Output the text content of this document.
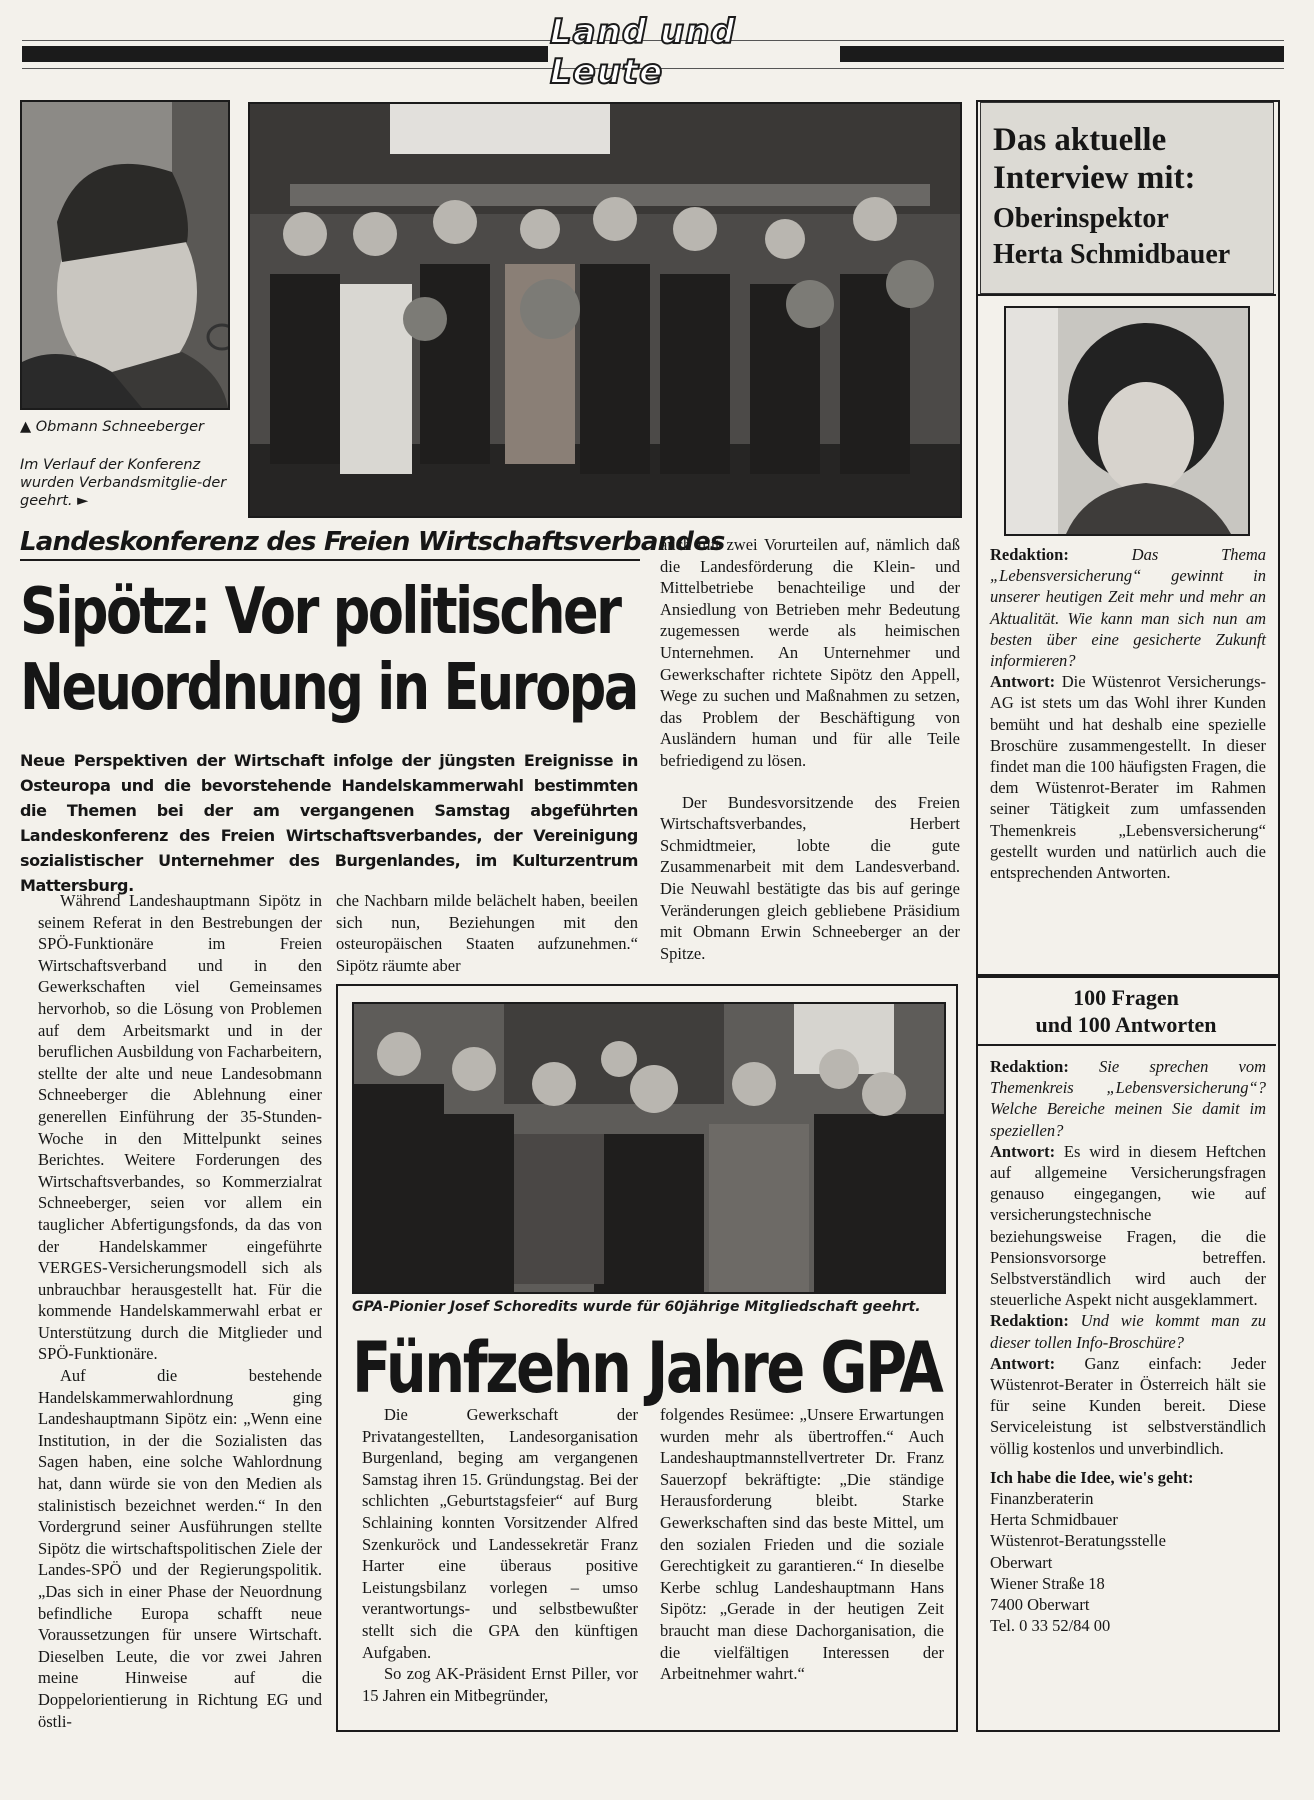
Land und Leute
▲ Obmann Schneeberger
Im Verlauf der Konferenz wurden Verbandsmitglie-der geehrt. ►
Landeskonferenz des Freien Wirtschaftsverbandes
Sipötz: Vor politischer
Neuordnung in Europa
Neue Perspektiven der Wirtschaft infolge der jüngsten Ereignisse in Osteuropa und die bevorstehende Handelskammerwahl bestimmten die Themen bei der am vergangenen Samstag abgeführten Landeskonferenz des Freien Wirtschaftsverbandes, der Vereinigung sozialistischer Unternehmer des Burgenlandes, im Kulturzentrum Mattersburg.

Während Landeshauptmann Sipötz in seinem Referat in den Bestrebungen der SPÖ-Funktionäre im Freien Wirtschaftsverband und in den Gewerkschaften viel Gemeinsames hervorhob, so die Lösung von Problemen auf dem Arbeitsmarkt und in der beruflichen Ausbildung von Facharbeitern, stellte der alte und neue Landesobmann Schneeberger die Ablehnung einer generellen Einführung der 35-Stunden-Woche in den Mittelpunkt seines Berichtes. Weitere Forderungen des Wirtschaftsverbandes, so Kommerzialrat Schneeberger, seien vor allem ein tauglicher Abfertigungsfonds, da das von der Handelskammer eingeführte VERGES-Versicherungsmodell sich als unbrauchbar herausgestellt hat. Für die kommende Handelskammerwahl erbat er Unterstützung durch die Mitglieder und SPÖ-Funktionäre.

Auf die bestehende Handelskammerwahlordnung ging Landeshauptmann Sipötz ein: „Wenn eine Institution, in der die Sozialisten das Sagen haben, eine solche Wahlordnung hat, dann würde sie von den Medien als stalinistisch bezeichnet werden.“ In den Vordergrund seiner Ausführungen stellte Sipötz die wirtschaftspolitischen Ziele der Landes-SPÖ und der Regierungspolitik. „Das sich in einer Phase der Neuordnung befindliche Europa schafft neue Voraussetzungen für unsere Wirtschaft. Dieselben Leute, die vor zwei Jahren meine Hinweise auf die Doppelorientierung in Richtung EG und östli-

che Nachbarn milde belächelt haben, beeilen sich nun, Beziehungen mit den osteuropäischen Staaten aufzunehmen.“ Sipötz räumte aber

auch mit zwei Vorurteilen auf, nämlich daß die Landesförderung die Klein- und Mittelbetriebe benachteilige und der Ansiedlung von Betrieben mehr Bedeutung zugemessen werde als heimischen Unternehmen. An Unternehmer und Gewerkschafter richtete Sipötz den Appell, Wege zu suchen und Maßnahmen zu setzen, das Problem der Beschäftigung von Ausländern human und für alle Teile befriedigend zu lösen.

Der Bundesvorsitzende des Freien Wirtschaftsverbandes, Herbert Schmidtmeier, lobte die gute Zusammenarbeit mit dem Landesverband. Die Neuwahl bestätigte das bis auf geringe Veränderungen gleich gebliebene Präsidium mit Obmann Erwin Schneeberger an der Spitze.

GPA-Pionier Josef Schoredits wurde für 60jährige Mitgliedschaft geehrt.
Fünfzehn Jahre GPA

Die Gewerkschaft der Privatangestellten, Landesorganisation Burgenland, beging am vergangenen Samstag ihren 15. Gründungstag. Bei der schlichten „Geburtstagsfeier“ auf Burg Schlaining konnten Vorsitzender Alfred Szenkuröck und Landessekretär Franz Harter eine überaus positive Leistungsbilanz vorlegen – umso verantwortungs- und selbstbewußter stellt sich die GPA den künftigen Aufgaben.

So zog AK-Präsident Ernst Piller, vor 15 Jahren ein Mitbegründer,

folgendes Resümee: „Unsere Erwartungen wurden mehr als übertroffen.“ Auch Landeshauptmannstellvertreter Dr. Franz Sauerzopf bekräftigte: „Die ständige Herausforderung bleibt. Starke Gewerkschaften sind das beste Mittel, um den sozialen Frieden und die soziale Gerechtigkeit zu garantieren.“ In dieselbe Kerbe schlug Landeshauptmann Hans Sipötz: „Gerade in der heutigen Zeit braucht man diese Dachorganisation, die die vielfältigen Interessen der Arbeitnehmer wahrt.“

Das aktuelle
Interview mit:
Oberinspektor
Herta Schmidbauer

Redaktion:	Das Thema „Lebensversicherung“ gewinnt in unserer heutigen Zeit mehr und mehr an Aktualität. Wie kann man sich nun am besten über eine gesicherte Zukunft informieren?

Antwort: Die Wüstenrot Versicherungs-AG ist stets um das Wohl ihrer Kunden bemüht und hat deshalb eine spezielle Broschüre zusammengestellt. In dieser findet man die 100 häufigsten Fragen, die dem Wüstenrot-Berater im Rahmen seiner Tätigkeit zum umfassenden Themenkreis „Lebensversicherung“ gestellt wurden und natürlich auch die entsprechenden Antworten.

100 Fragen
und 100 Antworten

Redaktion: Sie sprechen vom Themenkreis „Lebensversicherung“? Welche Bereiche meinen Sie damit im speziellen?

Antwort: Es wird in diesem Heftchen auf allgemeine Versicherungsfragen genauso eingegangen, wie auf versicherungstechnische beziehungsweise Fragen, die die Pensionsvorsorge betreffen. Selbstverständlich wird auch der steuerliche Aspekt nicht ausgeklammert.

Redaktion: Und wie kommt man zu dieser tollen Info-Broschüre?

Antwort: Ganz einfach: Jeder Wüstenrot-Berater in Österreich hält sie für seine Kunden bereit. Diese Serviceleistung ist selbstverständlich völlig kostenlos und unverbindlich.

Ich habe die Idee, wie's geht:

Finanzberaterin
Herta Schmidbauer
Wüstenrot-Beratungsstelle
Oberwart
Wiener Straße 18
7400 Oberwart
Tel. 0 33 52/84 00
